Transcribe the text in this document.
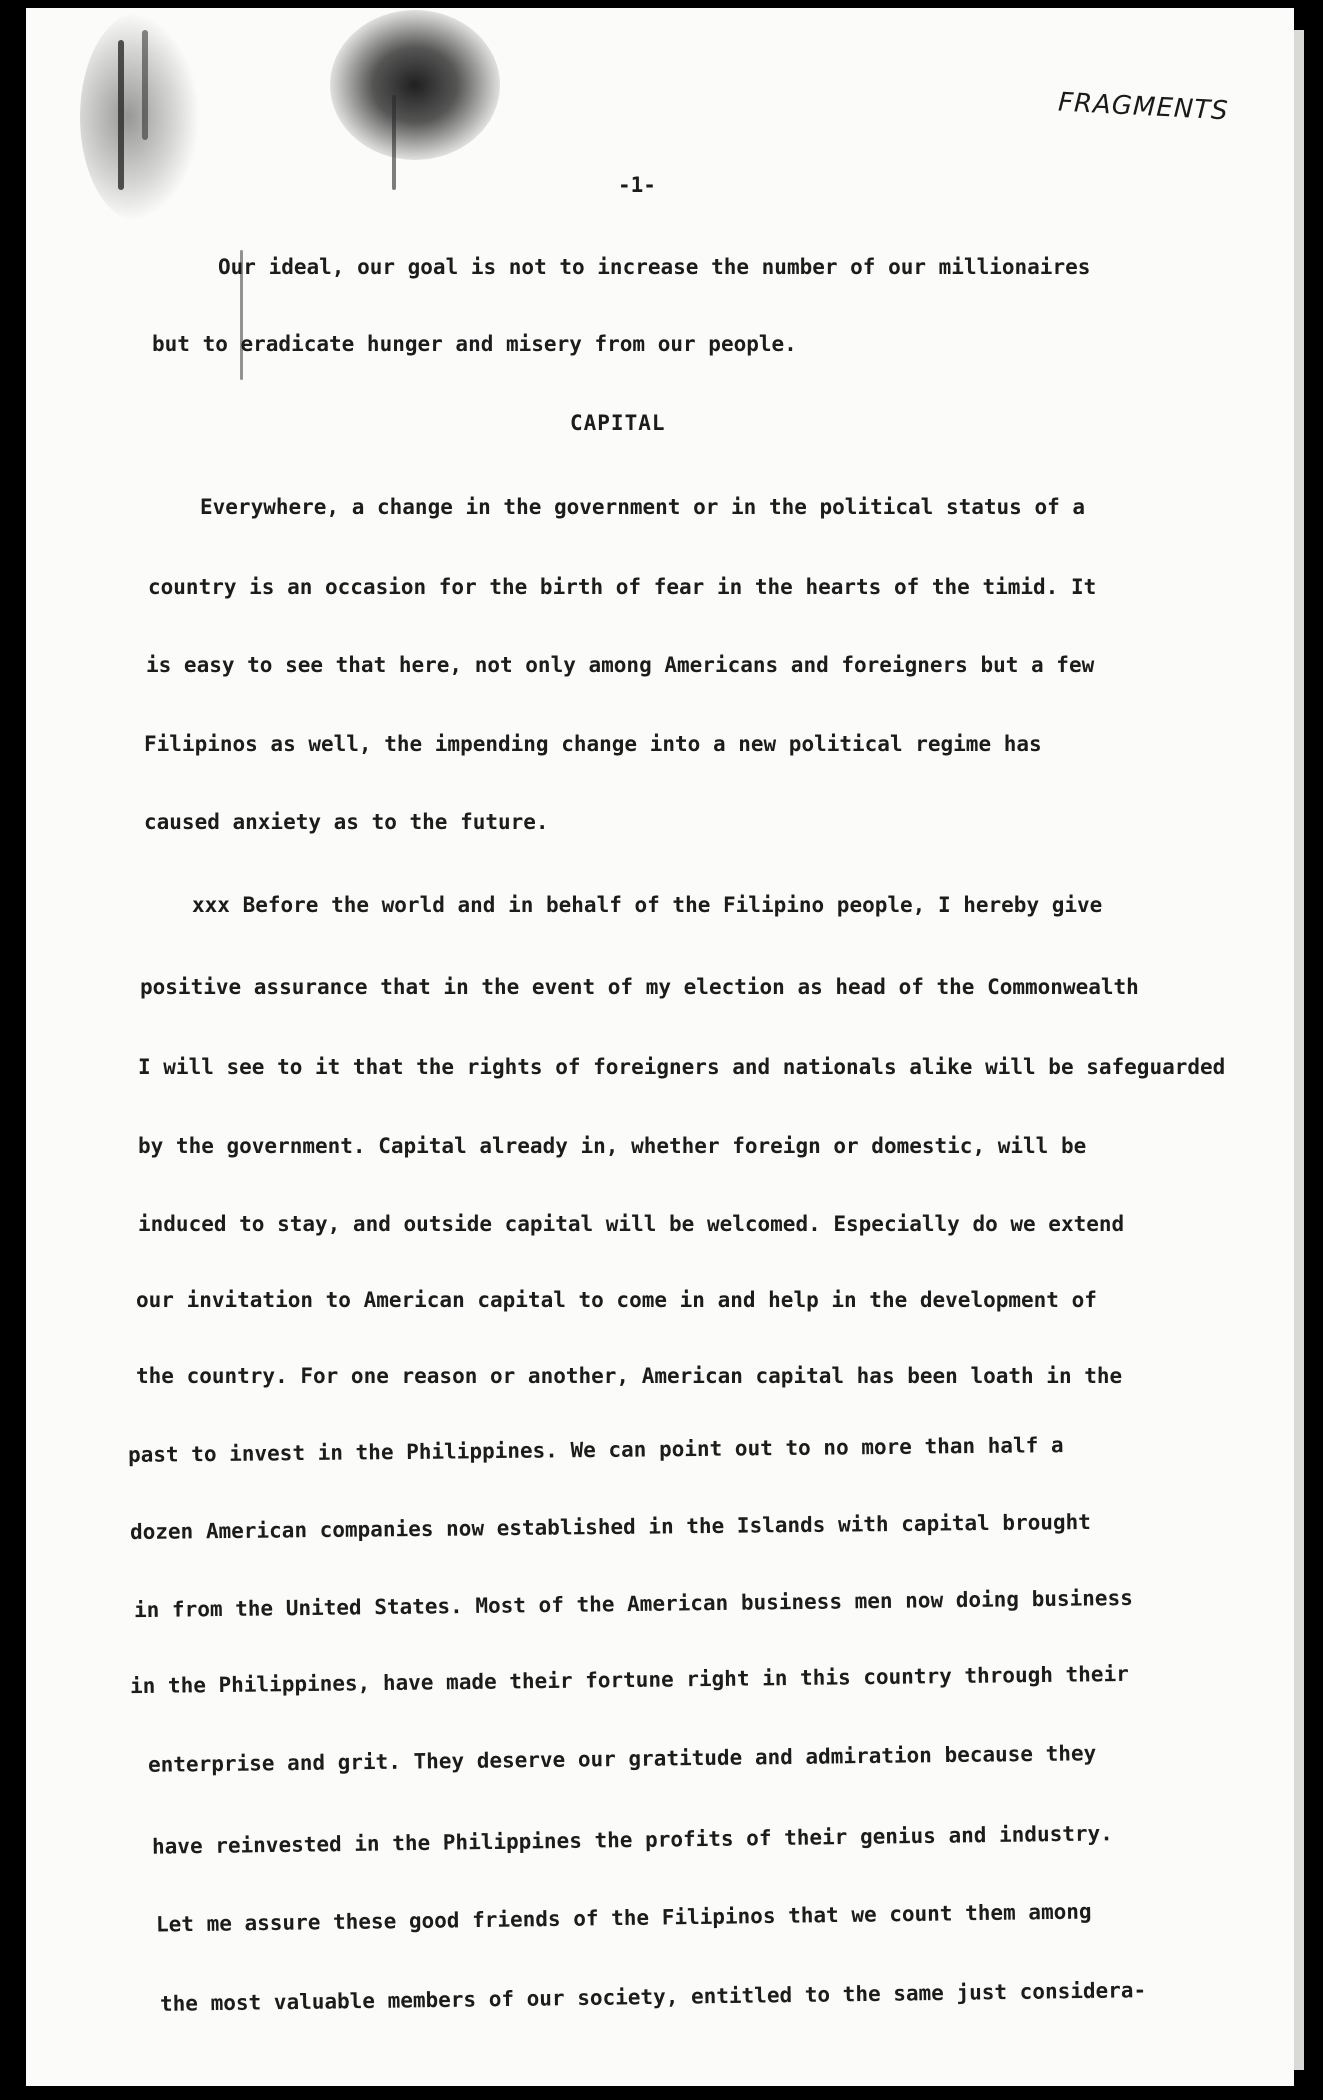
FRAGMENTS
-1-
CAPITAL
Our ideal, our goal is not to increase the number of our millionaires
but to eradicate hunger and misery from our people.
Everywhere, a change in the government or in the political status of a
country is an occasion for the birth of fear in the hearts of the timid. It
is easy to see that here, not only among Americans and foreigners but a few
Filipinos as well, the impending change into a new political regime has
caused anxiety as to the future.
xxx Before the world and in behalf of the Filipino people, I hereby give
positive assurance that in the event of my election as head of the Commonwealth
I will see to it that the rights of foreigners and nationals alike will be safeguarded
by the government. Capital already in, whether foreign or domestic, will be
induced to stay, and outside capital will be welcomed. Especially do we extend
our invitation to American capital to come in and help in the development of
the country. For one reason or another, American capital has been loath in the
past to invest in the Philippines. We can point out to no more than half a
dozen American companies now established in the Islands with capital brought
in from the United States. Most of the American business men now doing business
in the Philippines, have made their fortune right in this country through their
enterprise and grit. They deserve our gratitude and admiration because they
have reinvested in the Philippines the profits of their genius and industry.
Let me assure these good friends of the Filipinos that we count them among
the most valuable members of our society, entitled to the same just considera-
